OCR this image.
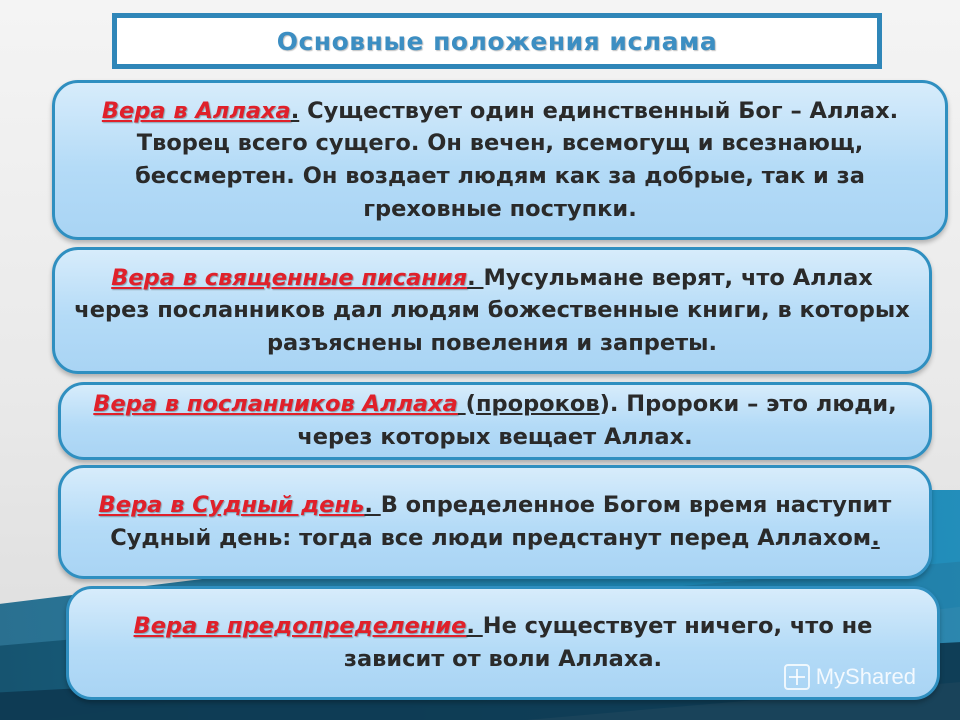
Основные положения ислама

Вера в Аллаха. Существует один единственный Бог – Аллах. Творец всего сущего. Он вечен, всемогущ и всезнающ, бессмертен. Он воздает людям как за добрые, так и за греховные поступки.

Вера в священные писания. Мусульмане верят, что Аллах через посланников дал людям божественные книги, в которых разъяснены повеления и запреты.

Вера в посланников Аллаха (пророков). Пророки – это люди, через которых вещает Аллах.

Вера в Судный день. В определенное Богом время наступит Судный день: тогда все люди предстанут перед Аллахом.

Вера в предопределение. Не существует ничего, что не зависит от воли Аллаха.

MyShared
